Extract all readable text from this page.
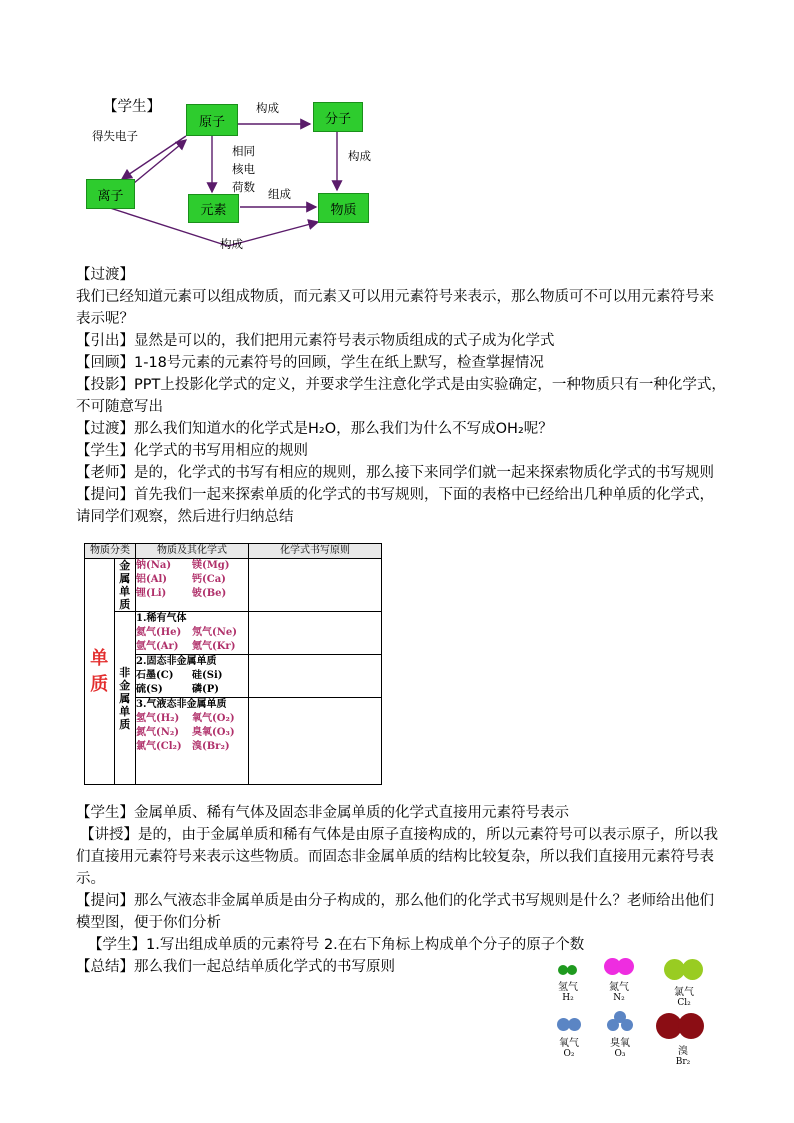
【学生】
原子	分子
离子
元素	物质
得失电子
构成
构成
构成
组成
相同
核电
荷数

【过渡】

我们已经知道元素可以组成物质，而元素又可以用元素符号来表示，那么物质可不可以用元素符号来表示呢？

【引出】显然是可以的，我们把用元素符号表示物质组成的式子成为化学式

【回顾】1-18号元素的元素符号的回顾，学生在纸上默写，检查掌握情况

【投影】PPT上投影化学式的定义，并要求学生注意化学式是由实验确定，一种物质只有一种化学式，不可随意写出

【过渡】那么我们知道水的化学式是H₂O，那么我们为什么不写成OH₂呢？

【学生】化学式的书写用相应的规则

【老师】是的，化学式的书写有相应的规则，那么接下来同学们就一起来探索物质化学式的书写规则

【提问】首先我们一起来探索单质的化学式的书写规则，下面的表格中已经给出几种单质的化学式，请同学们观察，然后进行归纳总结

物质分类		物质及其化学式	化学式书写原则
单质	金属单质	钠(Na) 镁(Mg)
铝(Al) 钙(Ca)
锂(Li) 铍(Be)	

	非金属单质	1.稀有气体
氦气(He) 氖气(Ne)
氩气(Ar) 氪气(Kr)	

		2.固态非金属单质
石墨(C) 硅(Si)
硫(S) 磷(P)	

		3.气液态非金属单质
氢气(H₂) 氧气(O₂)
氮气(N₂) 臭氧(O₃)
氯气(Cl₂) 溴(Br₂)	

【学生】金属单质、稀有气体及固态非金属单质的化学式直接用元素符号表示

【讲授】是的，由于金属单质和稀有气体是由原子直接构成的，所以元素符号可以表示原子，所以我们直接用元素符号来表示这些物质。而固态非金属单质的结构比较复杂，所以我们直接用元素符号表示。

【提问】那么气液态非金属单质是由分子构成的，那么他们的化学式书写规则是什么？老师给出他们模型图，便于你们分析

【学生】1.写出组成单质的元素符号 2.在右下角标上构成单个分子的原子个数

【总结】那么我们一起总结单质化学式的书写原则

氢气
H₂
氮气
N₂	氯气
Cl₂
氧气
O₂
臭氧
O₃	溴
Br₂
